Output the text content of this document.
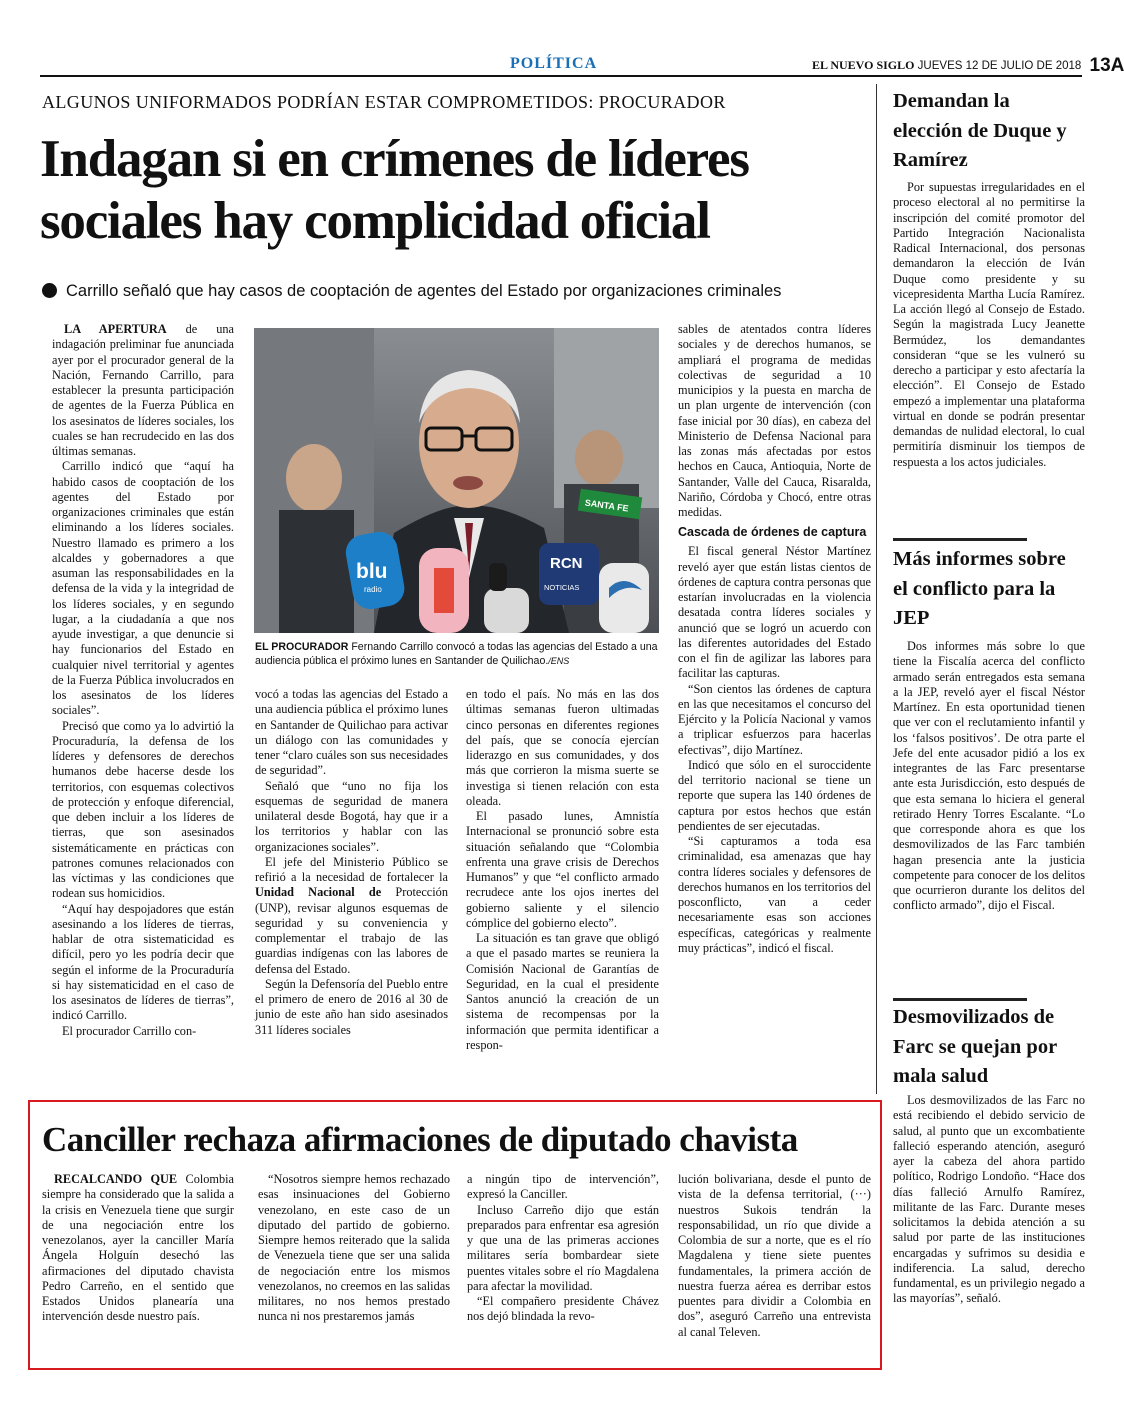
POLÍTICA	EL NUEVO SIGLO JUEVES 12 DE JULIO DE 2018 13A
ALGUNOS UNIFORMADOS PODRÍAN ESTAR COMPROMETIDOS: PROCURADOR
Indagan si en crímenes de líderes sociales hay complicidad oficial
Carrillo señaló que hay casos de cooptación de agentes del Estado por organizaciones criminales

LA APERTURA de una indagación preliminar fue anunciada ayer por el procurador general de la Nación, Fernando Carrillo, para establecer la presunta participación de agentes de la Fuerza Pública en los asesinatos de líderes sociales, los cuales se han recrudecido en las dos últimas semanas.

Carrillo indicó que “aquí ha habido casos de cooptación de los agentes del Estado por organizaciones criminales que están eliminando a los líderes sociales. Nuestro llamado es primero a los alcaldes y gobernadores a que asuman las responsabilidades en la defensa de la vida y la integridad de los líderes sociales, y en segundo lugar, a la ciudadanía a que nos ayude investigar, a que denuncie si hay funcionarios del Estado en cualquier nivel territorial y agentes de la Fuerza Pública involucrados en los asesinatos de los líderes sociales”.

Precisó que como ya lo advirtió la Procuraduría, la defensa de los líderes y defensores de derechos humanos debe hacerse desde los territorios, con esquemas colectivos de protección y enfoque diferencial, que deben incluir a los líderes de tierras, que son asesinados sistemáticamente en prácticas con patrones comunes relacionados con las víctimas y las condiciones que rodean sus homicidios.

“Aquí hay despojadores que están asesinando a los líderes de tierras, hablar de otra sistematicidad es difícil, pero yo les podría decir que según el informe de la Procuraduría si hay sistematicidad en el caso de los asesinatos de líderes de tierras”, indicó Carrillo.

El procurador Carrillo con-

blu
radio
RCN
NOTICIAS
SANTA FE
EL PROCURADOR Fernando Carrillo convocó a todas las agencias del Estado a una audiencia pública el próximo lunes en Santander de Quilichao./ENS

vocó a todas las agencias del Estado a una audiencia pública el próximo lunes en Santander de Quilichao para activar un diálogo con las comunidades y tener “claro cuáles son sus necesidades de seguridad”.

Señaló que “uno no fija los esquemas de seguridad de manera unilateral desde Bogotá, hay que ir a los territorios y hablar con las organizaciones sociales”.

El jefe del Ministerio Público se refirió a la necesidad de fortalecer la Unidad Nacional de Protección (UNP), revisar algunos esquemas de seguridad y su conveniencia y complementar el trabajo de las guardias indígenas con las labores de defensa del Estado.

Según la Defensoría del Pueblo entre el primero de enero de 2016 al 30 de junio de este año han sido asesinados 311 líderes sociales

en todo el país. No más en las dos últimas semanas fueron ultimadas cinco personas en diferentes regiones del país, que se conocía ejercían liderazgo en sus comunidades, y dos más que corrieron la misma suerte se investiga si tienen relación con esta oleada.

El pasado lunes, Amnistía Internacional se pronunció sobre esta situación señalando que “Colombia enfrenta una grave crisis de Derechos Humanos” y que “el conflicto armado recrudece ante los ojos inertes del gobierno saliente y el silencio cómplice del gobierno electo”.

La situación es tan grave que obligó a que el pasado martes se reuniera la Comisión Nacional de Garantías de Seguridad, en la cual el presidente Santos anunció la creación de un sistema de recompensas por la información que permita identificar a respon-

sables de atentados contra líderes sociales y de derechos humanos, se ampliará el programa de medidas colectivas de seguridad a 10 municipios y la puesta en marcha de un plan urgente de intervención (con fase inicial por 30 días), en cabeza del Ministerio de Defensa Nacional para las zonas más afectadas por estos hechos en Cauca, Antioquia, Norte de Santander, Valle del Cauca, Risaralda, Nariño, Córdoba y Chocó, entre otras medidas.

Cascada de órdenes de captura

El fiscal general Néstor Martínez reveló ayer que están listas cientos de órdenes de captura contra personas que estarían involucradas en la violencia desatada contra líderes sociales y anunció que se logró un acuerdo con las diferentes autoridades del Estado con el fin de agilizar las labores para facilitar las capturas.

“Son cientos las órdenes de captura en las que necesitamos el concurso del Ejército y la Policía Nacional y vamos a triplicar esfuerzos para hacerlas efectivas”, dijo Martínez.

Indicó que sólo en el suroccidente del territorio nacional se tiene un reporte que supera las 140 órdenes de captura por estos hechos que están pendientes de ser ejecutadas.

“Si capturamos a toda esa criminalidad, esa amenazas que hay contra líderes sociales y defensores de derechos humanos en los territorios del posconflicto, van a ceder necesariamente esas son acciones específicas, categóricas y realmente muy prácticas”, indicó el fiscal.

Demandan la elección de Duque y Ramírez

Por supuestas irregularidades en el proceso electoral al no permitirse la inscripción del comité promotor del Partido Integración Nacionalista Radical Internacional, dos personas demandaron la elección de Iván Duque como presidente y su vicepresidenta Martha Lucía Ramírez. La acción llegó al Consejo de Estado. Según la magistrada Lucy Jeanette Bermúdez, los demandantes consideran “que se les vulneró su derecho a participar y esto afectaría la elección”. El Consejo de Estado empezó a implementar una plataforma virtual en donde se podrán presentar demandas de nulidad electoral, lo cual permitiría disminuir los tiempos de respuesta a los actos judiciales.

Más informes sobre el conflicto para la JEP

Dos informes más sobre lo que tiene la Fiscalía acerca del conflicto armado serán entregados esta semana a la JEP, reveló ayer el fiscal Néstor Martínez. En esta oportunidad tienen que ver con el reclutamiento infantil y los ‘falsos positivos’. De otra parte el Jefe del ente acusador pidió a los ex integrantes de las Farc presentarse ante esta Jurisdicción, esto después de que esta semana lo hiciera el general retirado Henry Torres Escalante. “Lo que corresponde ahora es que los desmovilizados de las Farc también hagan presencia ante la justicia competente para conocer de los delitos que ocurrieron durante los delitos del conflicto armado”, dijo el Fiscal.

Desmovilizados de Farc se quejan por mala salud

Los desmovilizados de las Farc no está recibiendo el debido servicio de salud, al punto que un excombatiente falleció esperando atención, aseguró ayer la cabeza del ahora partido político, Rodrigo Londoño. “Hace dos días falleció Arnulfo Ramírez, militante de las Farc. Durante meses solicitamos la debida atención a su salud por parte de las instituciones encargadas y sufrimos su desidia e indiferencia. La salud, derecho fundamental, es un privilegio negado a las mayorías”, señaló.

Canciller rechaza afirmaciones de diputado chavista

RECALCANDO QUE Colombia siempre ha considerado que la salida a la crisis en Venezuela tiene que surgir de una negociación entre los venezolanos, ayer la canciller María Ángela Holguín desechó las afirmaciones del diputado chavista Pedro Carreño, en el sentido que Estados Unidos planearía una intervención desde nuestro país.

“Nosotros siempre hemos rechazado esas insinuaciones del Gobierno venezolano, en este caso de un diputado del partido de gobierno. Siempre hemos reiterado que la salida de Venezuela tiene que ser una salida de negociación entre los mismos venezolanos, no creemos en las salidas militares, no nos hemos prestado nunca ni nos prestaremos jamás

a ningún tipo de intervención”, expresó la Canciller.

Incluso Carreño dijo que están preparados para enfrentar esa agresión y que una de las primeras acciones militares sería bombardear siete puentes vitales sobre el río Magdalena para afectar la movilidad.

“El compañero presidente Chávez nos dejó blindada la revo-

lución bolivariana, desde el punto de vista de la defensa territorial, (···) nuestros Sukois tendrán la responsabilidad, un río que divide a Colombia de sur a norte, que es el río Magdalena y tiene siete puentes fundamentales, la primera acción de nuestra fuerza aérea es derribar estos puentes para dividir a Colombia en dos”, aseguró Carreño una entrevista al canal Televen.
